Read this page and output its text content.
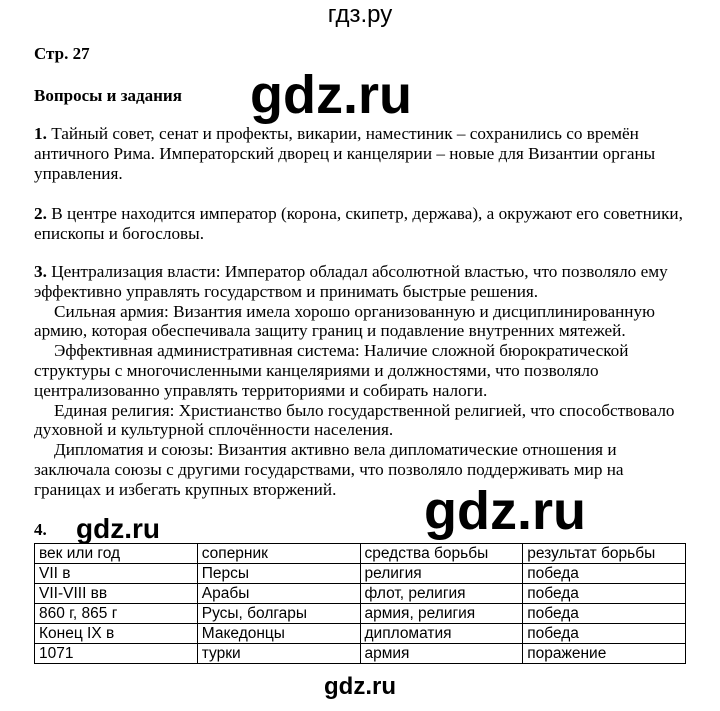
гдз.ру
Стр. 27
Вопросы и задания gdz.ru

1. Тайный совет, сенат и профекты, викарии, наместиник – сохранились со времён античного Рима. Императорский дворец и канцелярии – новые для Византии органы управления.

2. В центре находится император (корона, скипетр, держава), а окружают его советники, епископы и богословы.

3. Централизация власти: Император обладал абсолютной властью, что позволяло ему эффективно управлять государством и принимать быстрые решения.

Сильная армия: Византия имела хорошо организованную и дисциплинированную армию, которая обеспечивала защиту границ и подавление внутренних мятежей.

Эффективная административная система: Наличие сложной бюрократической структуры с многочисленными канцеляриями и должностями, что позволяло централизованно управлять территориями и собирать налоги.

Единая религия: Христианство было государственной религией, что способствовало духовной и культурной сплочённости населения.

Дипломатия и союзы: Византия активно вела дипломатические отношения и заключала союзы с другими государствами, что позволяло поддерживать мир на границах и избегать крупных вторжений.	gdz.ru
4. gdz.ru
век или год	соперник	средства борьбы	результат борьбы
VII в	Персы	религия	победа
VII-VIII вв	Арабы	флот, религия	победа
860 г, 865 г	Русы, болгары	армия, религия	победа
Конец IX в	Македонцы	дипломатия	победа
1071	турки	армия	поражение
gdz.ru
